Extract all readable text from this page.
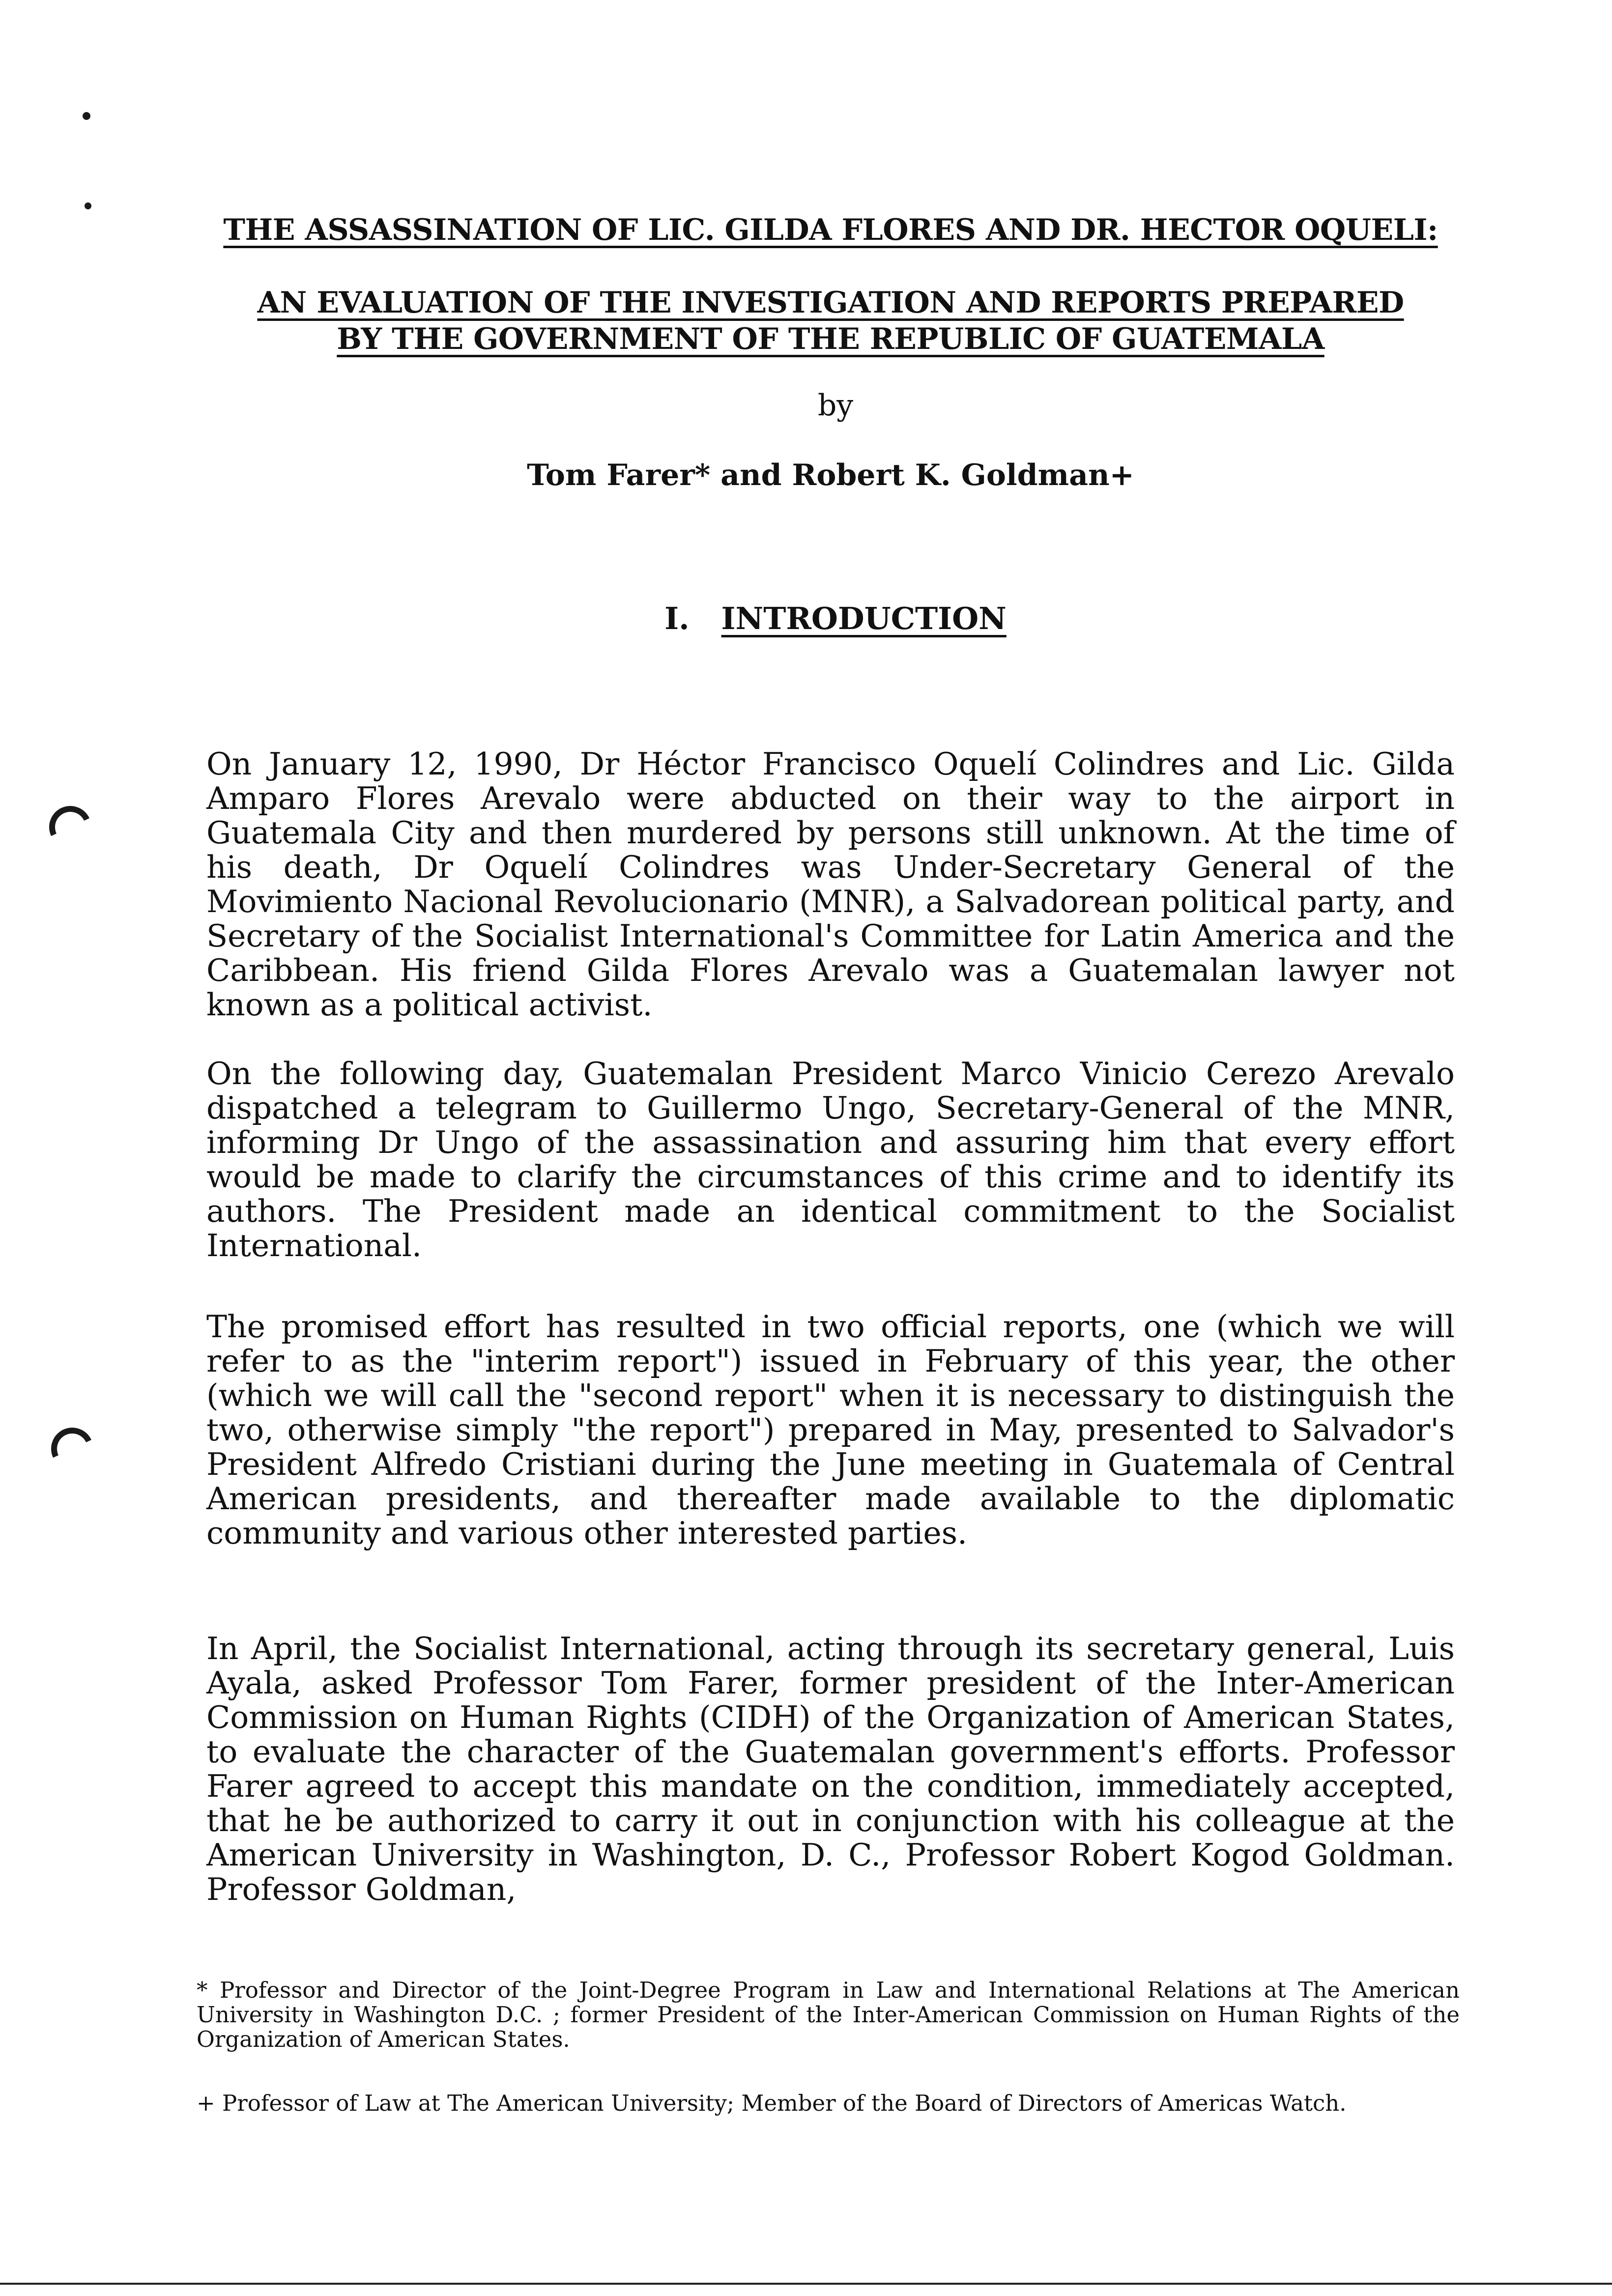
THE ASSASSINATION OF LIC. GILDA FLORES AND DR. HECTOR OQUELI:
AN EVALUATION OF THE INVESTIGATION AND REPORTS PREPARED
BY THE GOVERNMENT OF THE REPUBLIC OF GUATEMALA
by
Tom Farer* and Robert K. Goldman+
I. INTRODUCTION

On January 12, 1990, Dr Héctor Francisco Oquelí Colindres and Lic. Gilda Amparo Flores Arevalo were abducted on their way to the airport in Guatemala City and then murdered by persons still unknown. At the time of his death, Dr Oquelí Colindres was Under-Secretary General of the Movimiento Nacional Revolucionario (MNR), a Salvadorean political party, and Secretary of the Socialist International's Committee for Latin America and the Caribbean. His friend Gilda Flores Arevalo was a Guatemalan lawyer not known as a political activist.

On the following day, Guatemalan President Marco Vinicio Cerezo Arevalo dispatched a telegram to Guillermo Ungo, Secretary-General of the MNR, informing Dr Ungo of the assassination and assuring him that every effort would be made to clarify the circumstances of this crime and to identify its authors. The President made an identical commitment to the Socialist International.

The promised effort has resulted in two official reports, one (which we will refer to as the "interim report") issued in February of this year, the other (which we will call the "second report" when it is necessary to distinguish the two, otherwise simply "the report") prepared in May, presented to Salvador's President Alfredo Cristiani during the June meeting in Guatemala of Central American presidents, and thereafter made available to the diplomatic community and various other interested parties.

In April, the Socialist International, acting through its secretary general, Luis Ayala, asked Professor Tom Farer, former president of the Inter-American Commission on Human Rights (CIDH) of the Organization of American States, to evaluate the character of the Guatemalan government's efforts. Professor Farer agreed to accept this mandate on the condition, immediately accepted, that he be authorized to carry it out in conjunction with his colleague at the American University in Washington, D. C., Professor Robert Kogod Goldman. Professor Goldman,

* Professor and Director of the Joint-Degree Program in Law and International Relations at The American University in Washington D.C. ; former President of the Inter-American Commission on Human Rights of the Organization of American States.

+ Professor of Law at The American University; Member of the Board of Directors of Americas Watch.
